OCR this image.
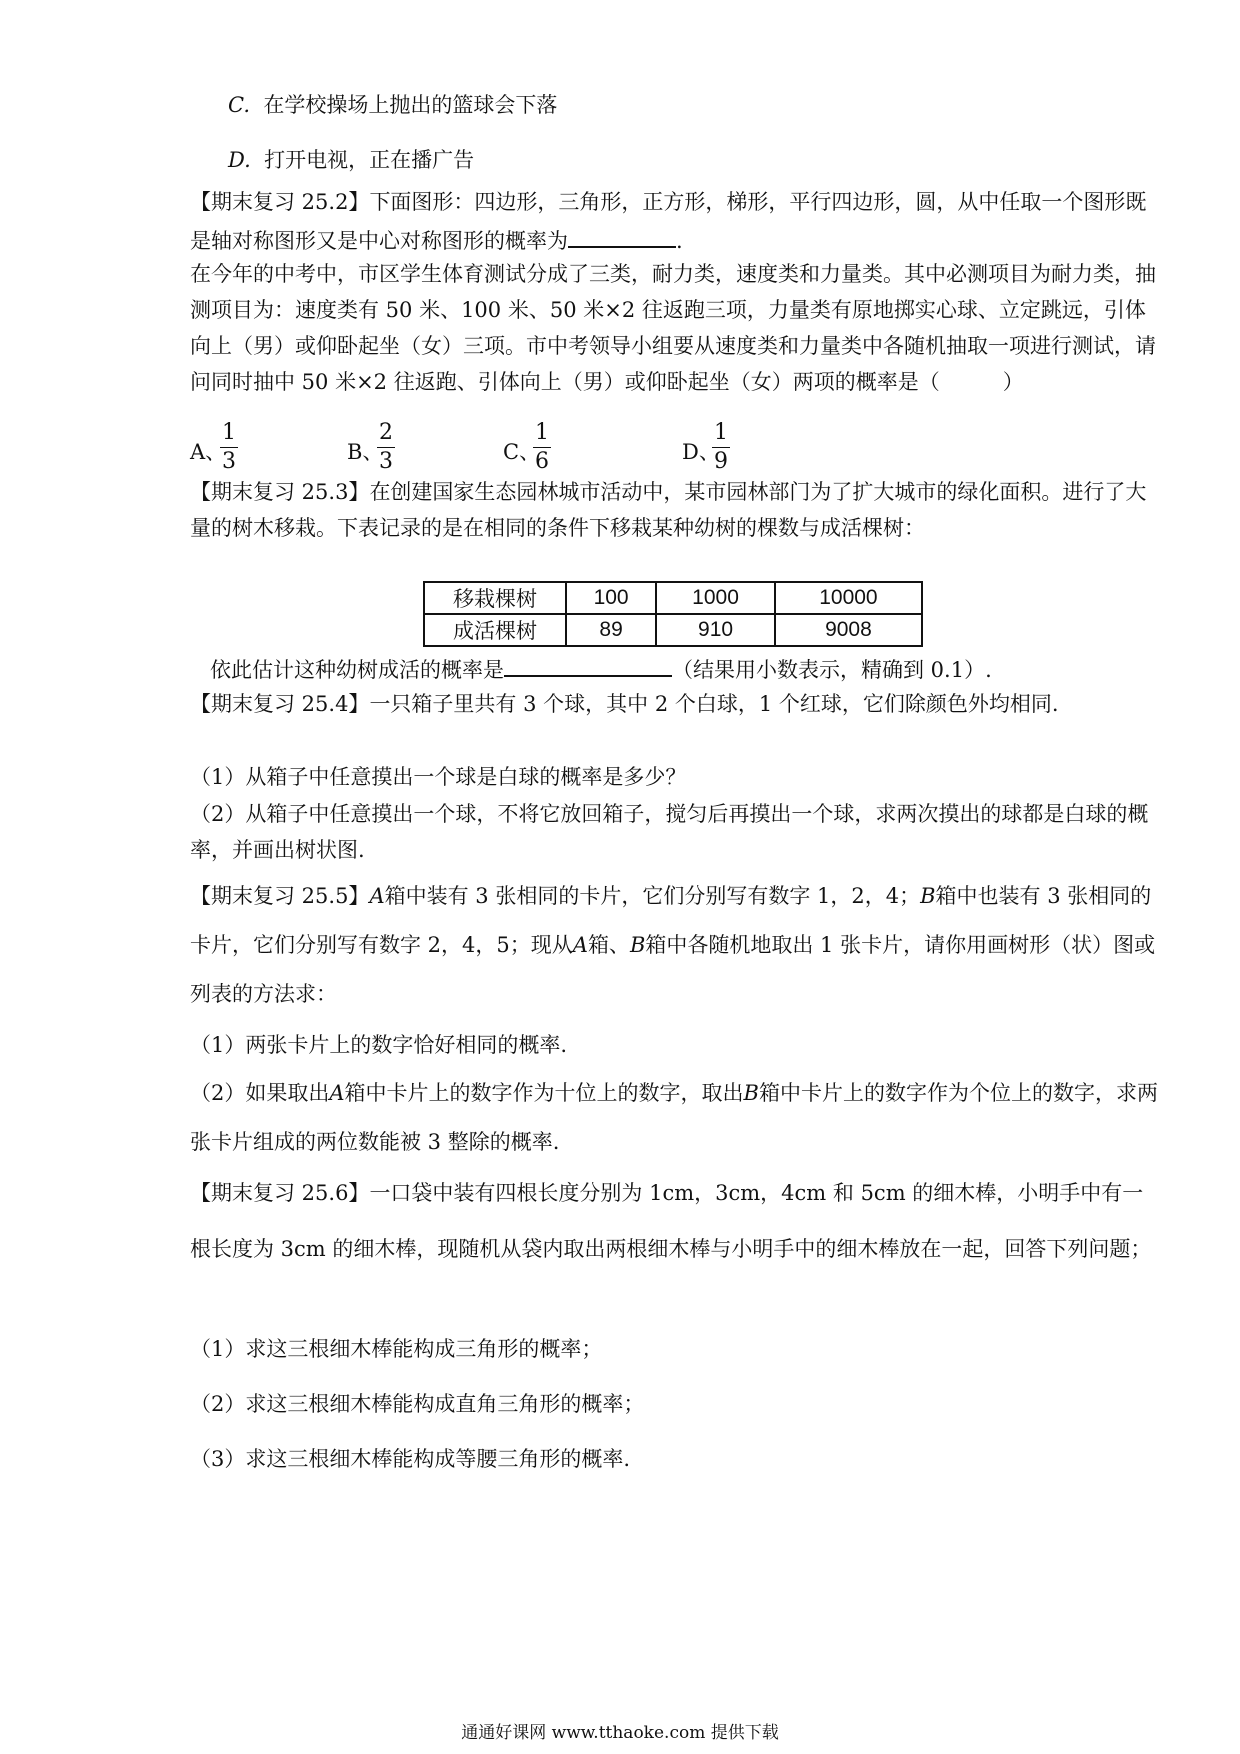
C. 在学校操场上抛出的篮球会下落

D. 打开电视，正在播广告

【期末复习 25.2】下面图形：四边形，三角形，正方形，梯形，平行四边形，圆，从中任取一个图形既是轴对称图形又是中心对称图形的概率为	.

在今年的中考中，市区学生体育测试分成了三类，耐力类，速度类和力量类。其中必测项目为耐力类，抽测项目为：速度类有 50 米、100 米、50 米×2 往返跑三项，力量类有原地掷实心球、立定跳远，引体向上（男）或仰卧起坐（女）三项。市中考领导小组要从速度类和力量类中各随机抽取一项进行测试，请问同时抽中 50 米×2 往返跑、引体向上（男）或仰卧起坐（女）两项的概率是（　　　）

A、
$\frac{1}{3}$	B、
$\frac{2}{3}$	C、
$\frac{1}{6}$	D、
$\frac{1}{9}$

【期末复习 25.3】在创建国家生态园林城市活动中，某市园林部门为了扩大城市的绿化面积。进行了大量的树木移栽。下表记录的是在相同的条件下移栽某种幼树的棵数与成活棵树：

移栽棵树	100	1000	10000
成活棵树	89	910	9008

依此估计这种幼树成活的概率是	（结果用小数表示，精确到 0.1）.

【期末复习 25.4】一只箱子里共有 3 个球，其中 2 个白球，1 个红球，它们除颜色外均相同.

（1）从箱子中任意摸出一个球是白球的概率是多少？

（2）从箱子中任意摸出一个球，不将它放回箱子，搅匀后再摸出一个球，求两次摸出的球都是白球的概率，并画出树状图.

【期末复习 25.5】A箱中装有 3 张相同的卡片，它们分别写有数字 1，2，4；B箱中也装有 3 张相同的卡片，它们分别写有数字 2，4，5；现从A箱、B箱中各随机地取出 1 张卡片，请你用画树形（状）图或列表的方法求：

（1）两张卡片上的数字恰好相同的概率.

（2）如果取出A箱中卡片上的数字作为十位上的数字，取出B箱中卡片上的数字作为个位上的数字，求两张卡片组成的两位数能被 3 整除的概率.

【期末复习 25.6】一口袋中装有四根长度分别为 1cm，3cm，4cm 和 5cm 的细木棒，小明手中有一根长度为 3cm 的细木棒，现随机从袋内取出两根细木棒与小明手中的细木棒放在一起，回答下列问题；

（1）求这三根细木棒能构成三角形的概率；

（2）求这三根细木棒能构成直角三角形的概率；

（3）求这三根细木棒能构成等腰三角形的概率.

通通好课网 www.tthaoke.com 提供下载
